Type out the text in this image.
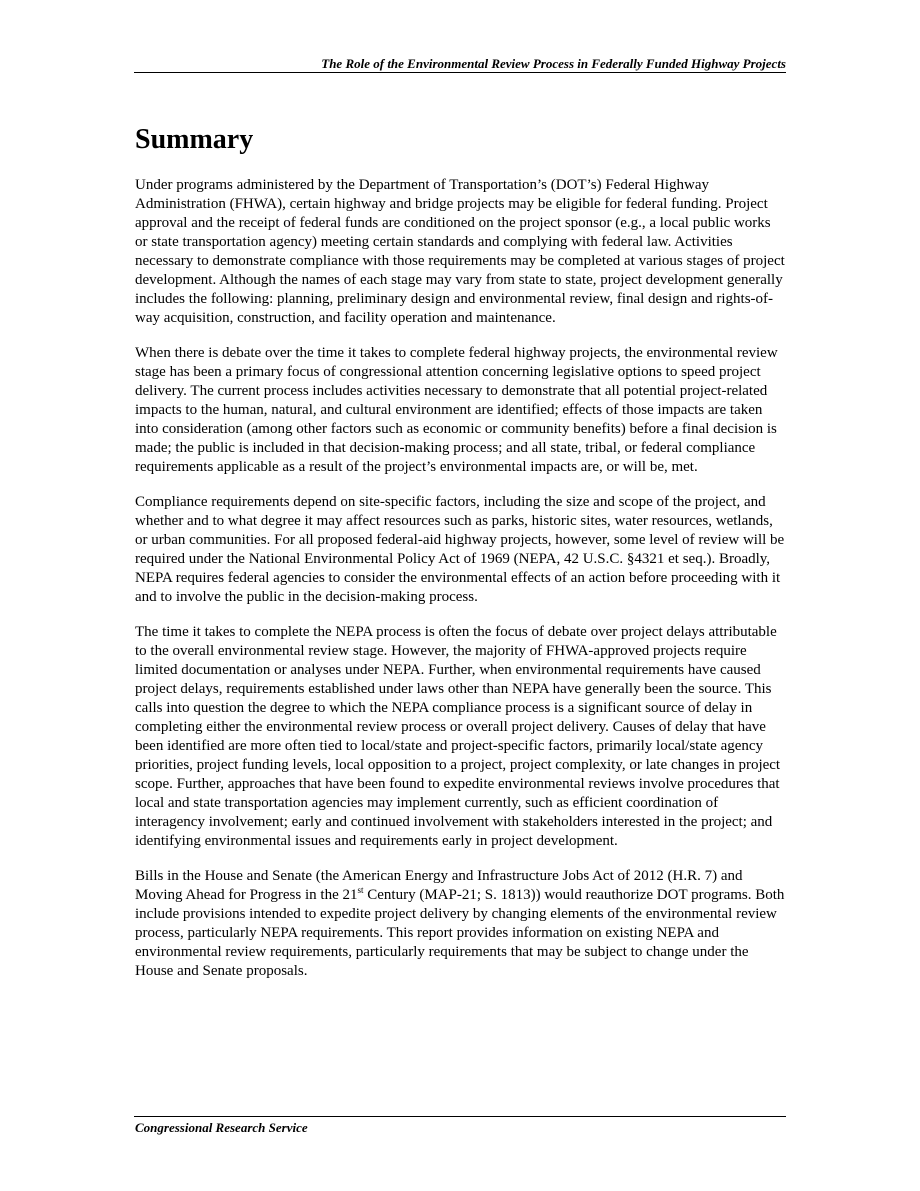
The Role of the Environmental Review Process in Federally Funded Highway Projects
Summary

Under programs administered by the Department of Transportation’s (DOT’s) Federal Highway Administration (FHWA), certain highway and bridge projects may be eligible for federal funding. Project approval and the receipt of federal funds are conditioned on the project sponsor (e.g., a local public works or state transportation agency) meeting certain standards and complying with federal law. Activities necessary to demonstrate compliance with those requirements may be completed at various stages of project development. Although the names of each stage may vary from state to state, project development generally includes the following: planning, preliminary design and environmental review, final design and rights-of-way acquisition, construction, and facility operation and maintenance.

When there is debate over the time it takes to complete federal highway projects, the environmental review stage has been a primary focus of congressional attention concerning legislative options to speed project delivery. The current process includes activities necessary to demonstrate that all potential project-related impacts to the human, natural, and cultural environment are identified; effects of those impacts are taken into consideration (among other factors such as economic or community benefits) before a final decision is made; the public is included in that decision-making process; and all state, tribal, or federal compliance requirements applicable as a result of the project’s environmental impacts are, or will be, met.

Compliance requirements depend on site-specific factors, including the size and scope of the project, and whether and to what degree it may affect resources such as parks, historic sites, water resources, wetlands, or urban communities. For all proposed federal-aid highway projects, however, some level of review will be required under the National Environmental Policy Act of 1969 (NEPA, 42 U.S.C. §4321 et seq.). Broadly, NEPA requires federal agencies to consider the environmental effects of an action before proceeding with it and to involve the public in the decision-making process.

The time it takes to complete the NEPA process is often the focus of debate over project delays attributable to the overall environmental review stage. However, the majority of FHWA-approved projects require limited documentation or analyses under NEPA. Further, when environmental requirements have caused project delays, requirements established under laws other than NEPA have generally been the source. This calls into question the degree to which the NEPA compliance process is a significant source of delay in completing either the environmental review process or overall project delivery. Causes of delay that have been identified are more often tied to local/state and project-specific factors, primarily local/state agency priorities, project funding levels, local opposition to a project, project complexity, or late changes in project scope. Further, approaches that have been found to expedite environmental reviews involve procedures that local and state transportation agencies may implement currently, such as efficient coordination of interagency involvement; early and continued involvement with stakeholders interested in the project; and identifying environmental issues and requirements early in project development.

Bills in the House and Senate (the American Energy and Infrastructure Jobs Act of 2012 (H.R. 7) and Moving Ahead for Progress in the 21st Century (MAP-21; S. 1813)) would reauthorize DOT programs. Both include provisions intended to expedite project delivery by changing elements of the environmental review process, particularly NEPA requirements. This report provides information on existing NEPA and environmental review requirements, particularly requirements that may be subject to change under the House and Senate proposals.

Congressional Research Service
